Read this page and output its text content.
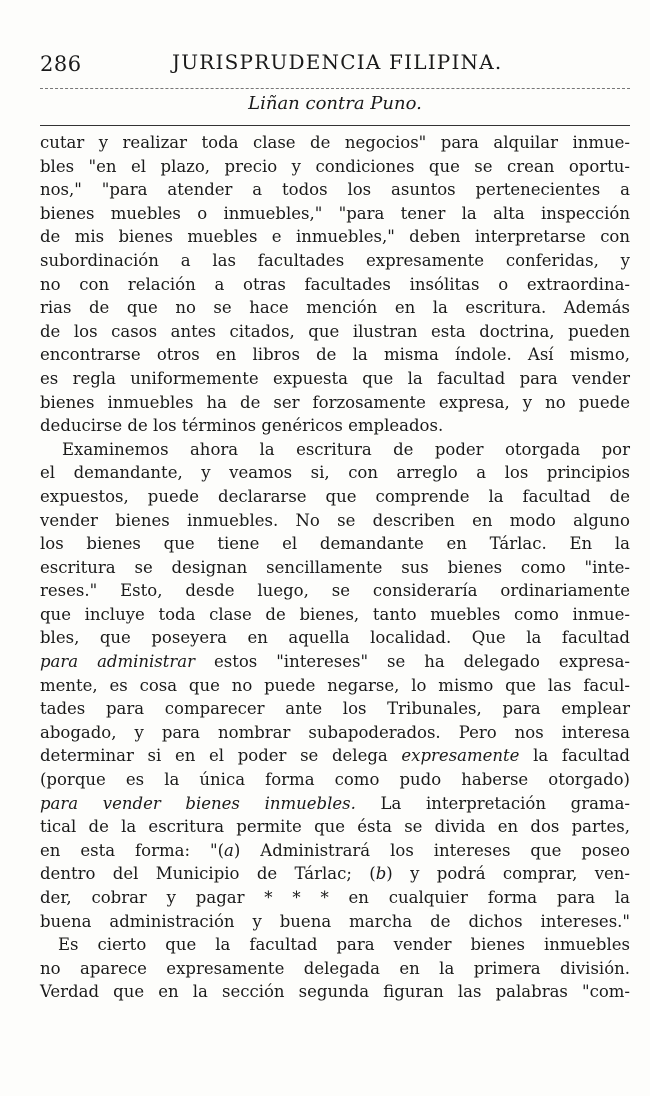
286	JURISPRUDENCIA FILIPINA.
Liñan contra Puno.
cutar y realizar toda clase de negocios" para alquilar inmue-
bles "en el plazo, precio y condiciones que se crean oportu-
nos," "para atender a todos los asuntos pertenecientes a
bienes muebles o inmuebles," "para tener la alta inspección
de mis bienes muebles e inmuebles," deben interpretarse con
subordinación a las facultades expresamente conferidas, y
no con relación a otras facultades insólitas o extraordina-
rias de que no se hace mención en la escritura. Además
de los casos antes citados, que ilustran esta doctrina, pueden
encontrarse otros en libros de la misma índole. Así mismo,
es regla uniformemente expuesta que la facultad para vender
bienes inmuebles ha de ser forzosamente expresa, y no puede
deducirse de los términos genéricos empleados.
Examinemos ahora la escritura de poder otorgada por
el demandante, y veamos si, con arreglo a los principios
expuestos, puede declararse que comprende la facultad de
vender bienes inmuebles. No se describen en modo alguno
los bienes que tiene el demandante en Tárlac. En la
escritura se designan sencillamente sus bienes como "inte-
reses." Esto, desde luego, se consideraría ordinariamente
que incluye toda clase de bienes, tanto muebles como inmue-
bles, que poseyera en aquella localidad. Que la facultad
para administrar estos "intereses" se ha delegado expresa-
mente, es cosa que no puede negarse, lo mismo que las facul-
tades para comparecer ante los Tribunales, para emplear
abogado, y para nombrar subapoderados. Pero nos interesa
determinar si en el poder se delega expresamente la facultad
(porque es la única forma como pudo haberse otorgado)
para vender bienes inmuebles. La interpretación grama-
tical de la escritura permite que ésta se divida en dos partes,
en esta forma: "(a) Administrará los intereses que poseo
dentro del Municipio de Tárlac; (b) y podrá comprar, ven-
der, cobrar y pagar * * * en cualquier forma para la
buena administración y buena marcha de dichos intereses."
Es cierto que la facultad para vender bienes inmuebles
no aparece expresamente delegada en la primera división.
Verdad que en la sección segunda figuran las palabras "com-
